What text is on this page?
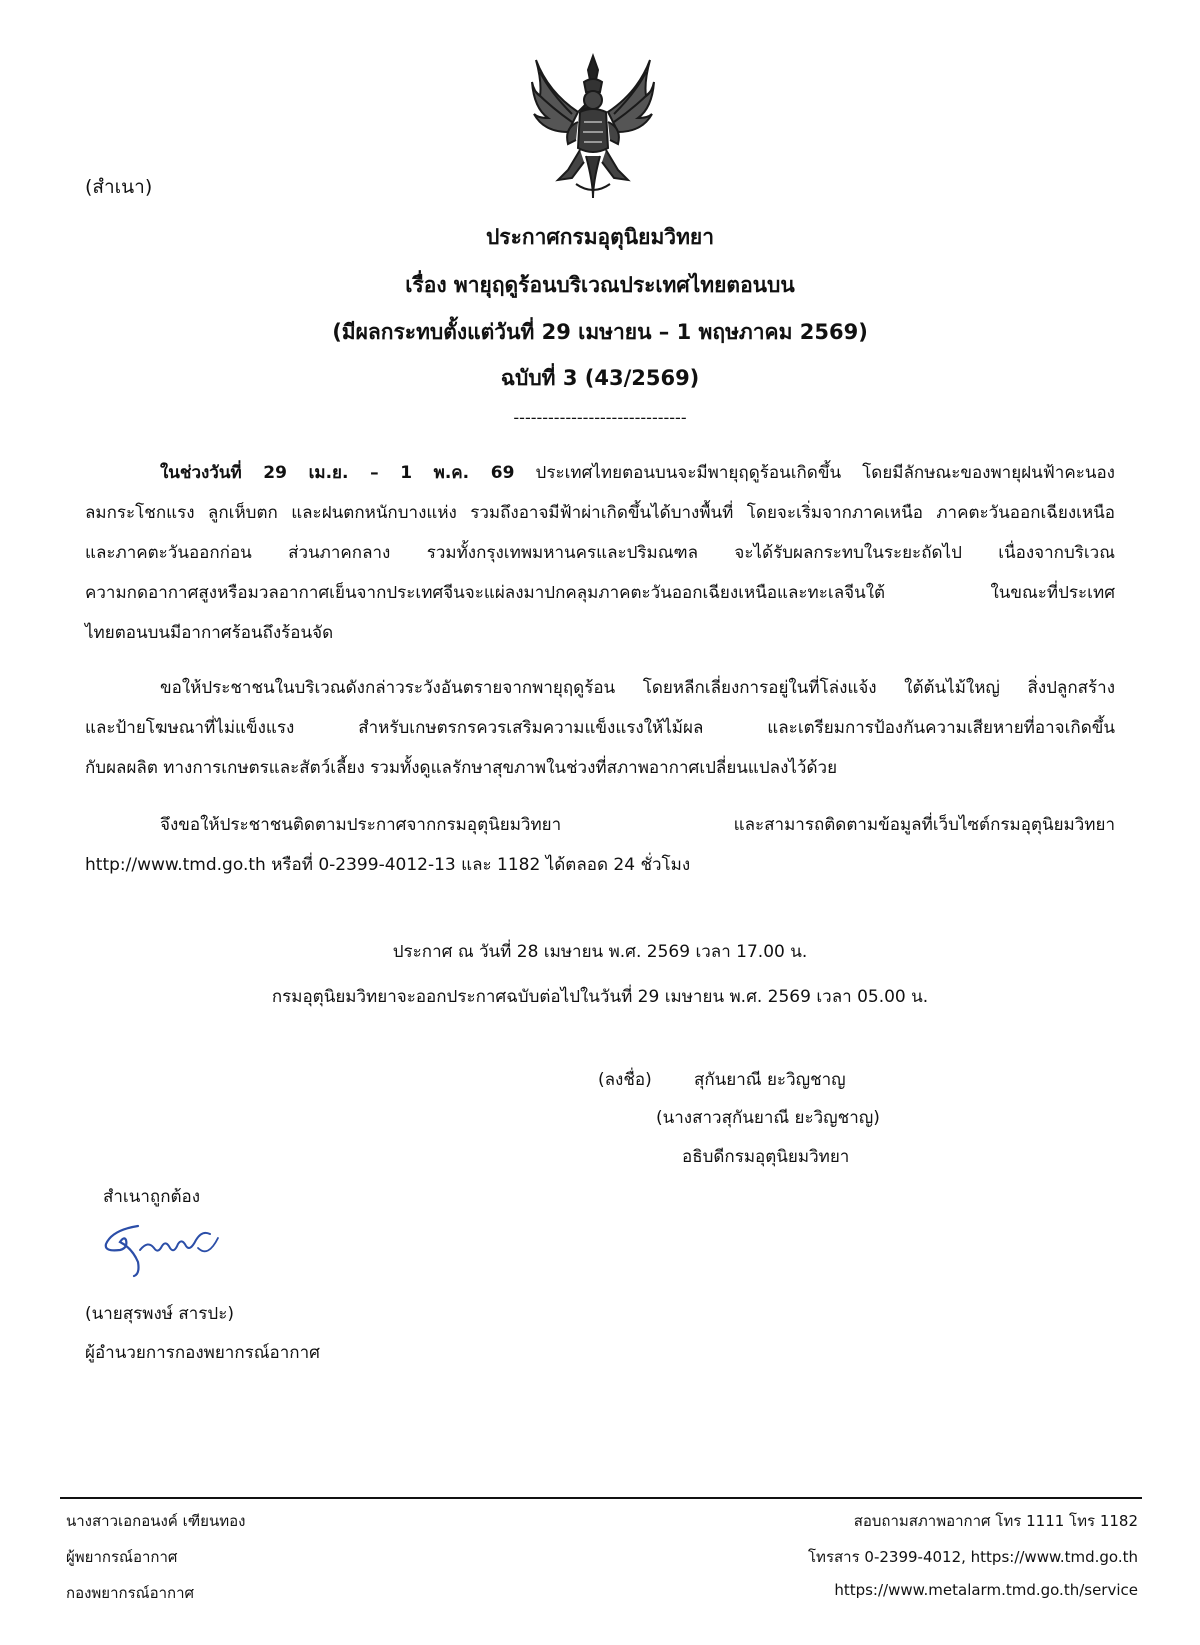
(สำเนา)
ประกาศกรมอุตุนิยมวิทยา
เรื่อง พายุฤดูร้อนบริเวณประเทศไทยตอนบน
(มีผลกระทบตั้งแต่วันที่ 29 เมษายน – 1 พฤษภาคม 2569)
ฉบับที่ 3 (43/2569)
------------------------------
ในช่วงวันที่ 29 เม.ย. – 1 พ.ค. 69 ประเทศไทยตอนบนจะมีพายุฤดูร้อนเกิดขึ้น โดยมีลักษณะของพายุฝนฟ้าคะนอง
ลมกระโชกแรง ลูกเห็บตก และฝนตกหนักบางแห่ง รวมถึงอาจมีฟ้าผ่าเกิดขึ้นได้บางพื้นที่ โดยจะเริ่มจากภาคเหนือ ภาคตะวันออกเฉียงเหนือ
และภาคตะวันออกก่อน ส่วนภาคกลาง รวมทั้งกรุงเทพมหานครและปริมณฑล จะได้รับผลกระทบในระยะถัดไป เนื่องจากบริเวณ
ความกดอากาศสูงหรือมวลอากาศเย็นจากประเทศจีนจะแผ่ลงมาปกคลุมภาคตะวันออกเฉียงเหนือและทะเลจีนใต้ ในขณะที่ประเทศ
ไทยตอนบนมีอากาศร้อนถึงร้อนจัด
ขอให้ประชาชนในบริเวณดังกล่าวระวังอันตรายจากพายุฤดูร้อน โดยหลีกเลี่ยงการอยู่ในที่โล่งแจ้ง ใต้ต้นไม้ใหญ่ สิ่งปลูกสร้าง
และป้ายโฆษณาที่ไม่แข็งแรง สำหรับเกษตรกรควรเสริมความแข็งแรงให้ไม้ผล และเตรียมการป้องกันความเสียหายที่อาจเกิดขึ้น
กับผลผลิต ทางการเกษตรและสัตว์เลี้ยง รวมทั้งดูแลรักษาสุขภาพในช่วงที่สภาพอากาศเปลี่ยนแปลงไว้ด้วย
จึงขอให้ประชาชนติดตามประกาศจากกรมอุตุนิยมวิทยา และสามารถติดตามข้อมูลที่เว็บไซต์กรมอุตุนิยมวิทยา
http://www.tmd.go.th หรือที่ 0-2399-4012-13 และ 1182 ได้ตลอด 24 ชั่วโมง
ประกาศ ณ วันที่ 28 เมษายน พ.ศ. 2569 เวลา 17.00 น.
กรมอุตุนิยมวิทยาจะออกประกาศฉบับต่อไปในวันที่ 29 เมษายน พ.ศ. 2569 เวลา 05.00 น.
(ลงชื่อ) สุกันยาณี ยะวิญชาญ
(นางสาวสุกันยาณี ยะวิญชาญ)
อธิบดีกรมอุตุนิยมวิทยา
สำเนาถูกต้อง
(นายสุรพงษ์ สารปะ)
ผู้อำนวยการกองพยากรณ์อากาศ
นางสาวเอกอนงค์ เฑียนทอง
ผู้พยากรณ์อากาศ
กองพยากรณ์อากาศ
สอบถามสภาพอากาศ โทร 1111 โทร 1182
โทรสาร 0-2399-4012, https://www.tmd.go.th
https://www.metalarm.tmd.go.th/service
